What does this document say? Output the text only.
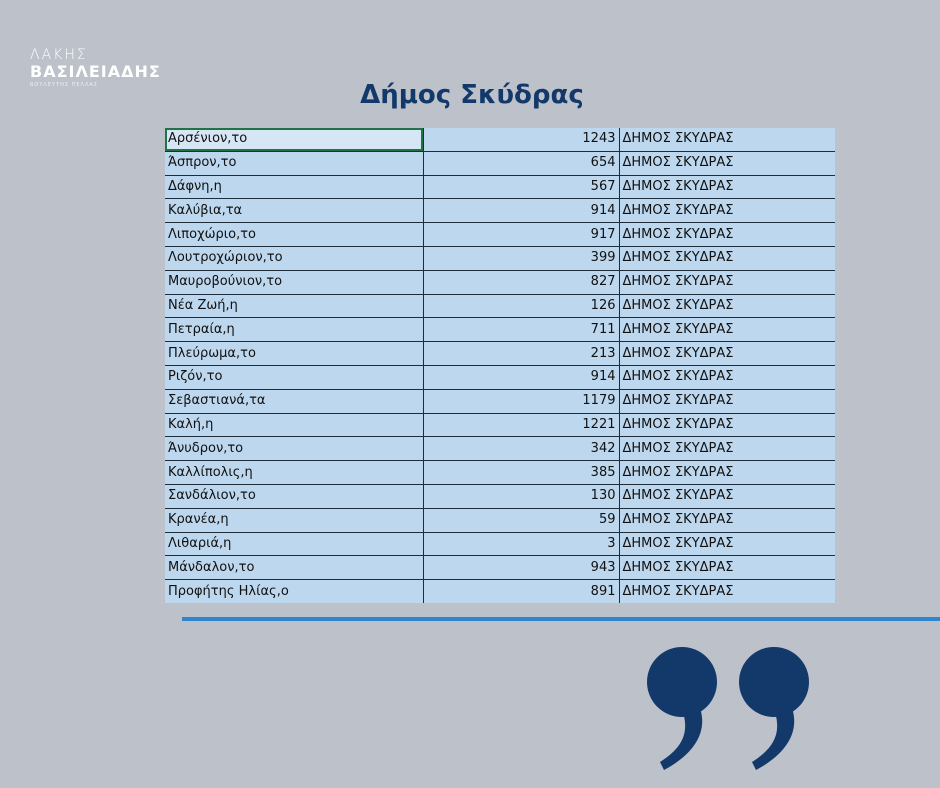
ΛΑΚΗΣ
ΒΑΣΙΛΕΙΑΔΗΣ
ΒΟΥΛΕΥΤΗΣ ΠΕΛΛΑΣ	Δήμος Σκύδρας
Αρσένιον,το	1243	ΔΗΜΟΣ ΣΚΥΔΡΑΣ
Άσπρον,το	654	ΔΗΜΟΣ ΣΚΥΔΡΑΣ
Δάφνη,η	567	ΔΗΜΟΣ ΣΚΥΔΡΑΣ
Καλύβια,τα	914	ΔΗΜΟΣ ΣΚΥΔΡΑΣ
Λιποχώριο,το	917	ΔΗΜΟΣ ΣΚΥΔΡΑΣ
Λουτροχώριον,το	399	ΔΗΜΟΣ ΣΚΥΔΡΑΣ
Μαυροβούνιον,το	827	ΔΗΜΟΣ ΣΚΥΔΡΑΣ
Νέα Ζωή,η	126	ΔΗΜΟΣ ΣΚΥΔΡΑΣ
Πετραία,η	711	ΔΗΜΟΣ ΣΚΥΔΡΑΣ
Πλεύρωμα,το	213	ΔΗΜΟΣ ΣΚΥΔΡΑΣ
Ριζόν,το	914	ΔΗΜΟΣ ΣΚΥΔΡΑΣ
Σεβαστιανά,τα	1179	ΔΗΜΟΣ ΣΚΥΔΡΑΣ
Καλή,η	1221	ΔΗΜΟΣ ΣΚΥΔΡΑΣ
Άνυδρον,το	342	ΔΗΜΟΣ ΣΚΥΔΡΑΣ
Καλλίπολις,η	385	ΔΗΜΟΣ ΣΚΥΔΡΑΣ
Σανδάλιον,το	130	ΔΗΜΟΣ ΣΚΥΔΡΑΣ
Κρανέα,η	59	ΔΗΜΟΣ ΣΚΥΔΡΑΣ
Λιθαριά,η	3	ΔΗΜΟΣ ΣΚΥΔΡΑΣ
Μάνδαλον,το	943	ΔΗΜΟΣ ΣΚΥΔΡΑΣ
Προφήτης Ηλίας,ο	891	ΔΗΜΟΣ ΣΚΥΔΡΑΣ
